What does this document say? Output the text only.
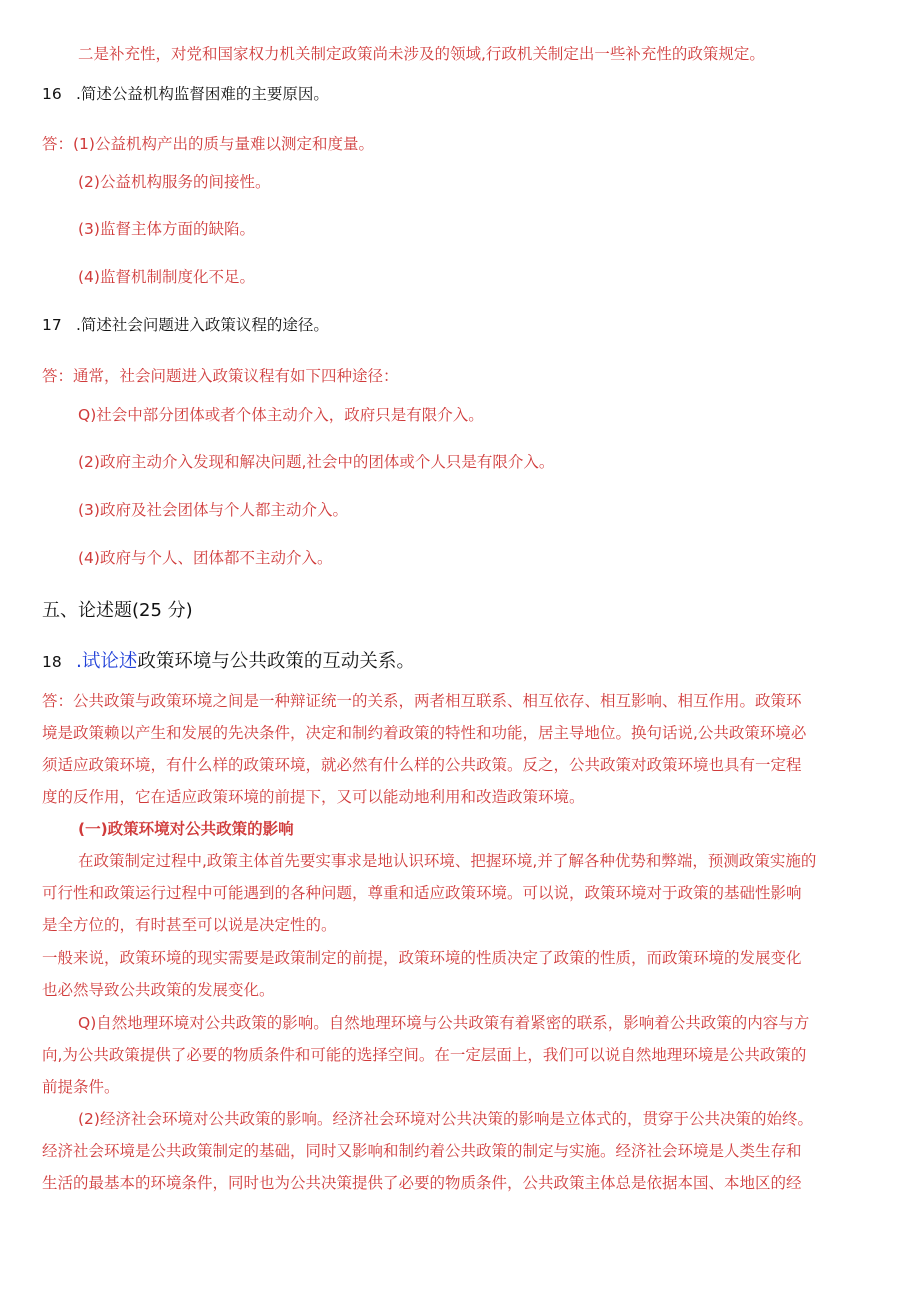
二是补充性，对党和国家权力机关制定政策尚未涉及的领域,行政机关制定出一些补充性的政策规定。
16 .简述公益机构监督困难的主要原因。
答：(1)公益机构产出的质与量难以测定和度量。
(2)公益机构服务的间接性。
(3)监督主体方面的缺陷。
(4)监督机制制度化不足。
17 .简述社会问题进入政策议程的途径。
答：通常，社会问题进入政策议程有如下四种途径：
Q)社会中部分团体或者个体主动介入，政府只是有限介入。
(2)政府主动介入发现和解决问题,社会中的团体或个人只是有限介入。
(3)政府及社会团体与个人都主动介入。
(4)政府与个人、团体都不主动介入。
五、论述题(25 分)
18 .试论述政策环境与公共政策的互动关系。
答：公共政策与政策环境之间是一种辩证统一的关系，两者相互联系、相互依存、相互影响、相互作用。政策环
境是政策赖以产生和发展的先决条件，决定和制约着政策的特性和功能，居主导地位。换句话说,公共政策环境必
须适应政策环境，有什么样的政策环境，就必然有什么样的公共政策。反之，公共政策对政策环境也具有一定程
度的反作用，它在适应政策环境的前提下，又可以能动地利用和改造政策环境。
(一)政策环境对公共政策的影响
在政策制定过程中,政策主体首先要实事求是地认识环境、把握环境,并了解各种优势和弊端，预测政策实施的
可行性和政策运行过程中可能遇到的各种问题，尊重和适应政策环境。可以说，政策环境对于政策的基础性影响
是全方位的，有时甚至可以说是决定性的。
一般来说，政策环境的现实需要是政策制定的前提，政策环境的性质决定了政策的性质，而政策环境的发展变化
也必然导致公共政策的发展变化。
Q)自然地理环境对公共政策的影响。自然地理环境与公共政策有着紧密的联系，影响着公共政策的内容与方
向,为公共政策提供了必要的物质条件和可能的选择空间。在一定层面上，我们可以说自然地理环境是公共政策的
前提条件。
(2)经济社会环境对公共政策的影响。经济社会环境对公共决策的影响是立体式的，贯穿于公共决策的始终。
经济社会环境是公共政策制定的基础，同时又影响和制约着公共政策的制定与实施。经济社会环境是人类生存和
生活的最基本的环境条件，同时也为公共决策提供了必要的物质条件，公共政策主体总是依据本国、本地区的经
